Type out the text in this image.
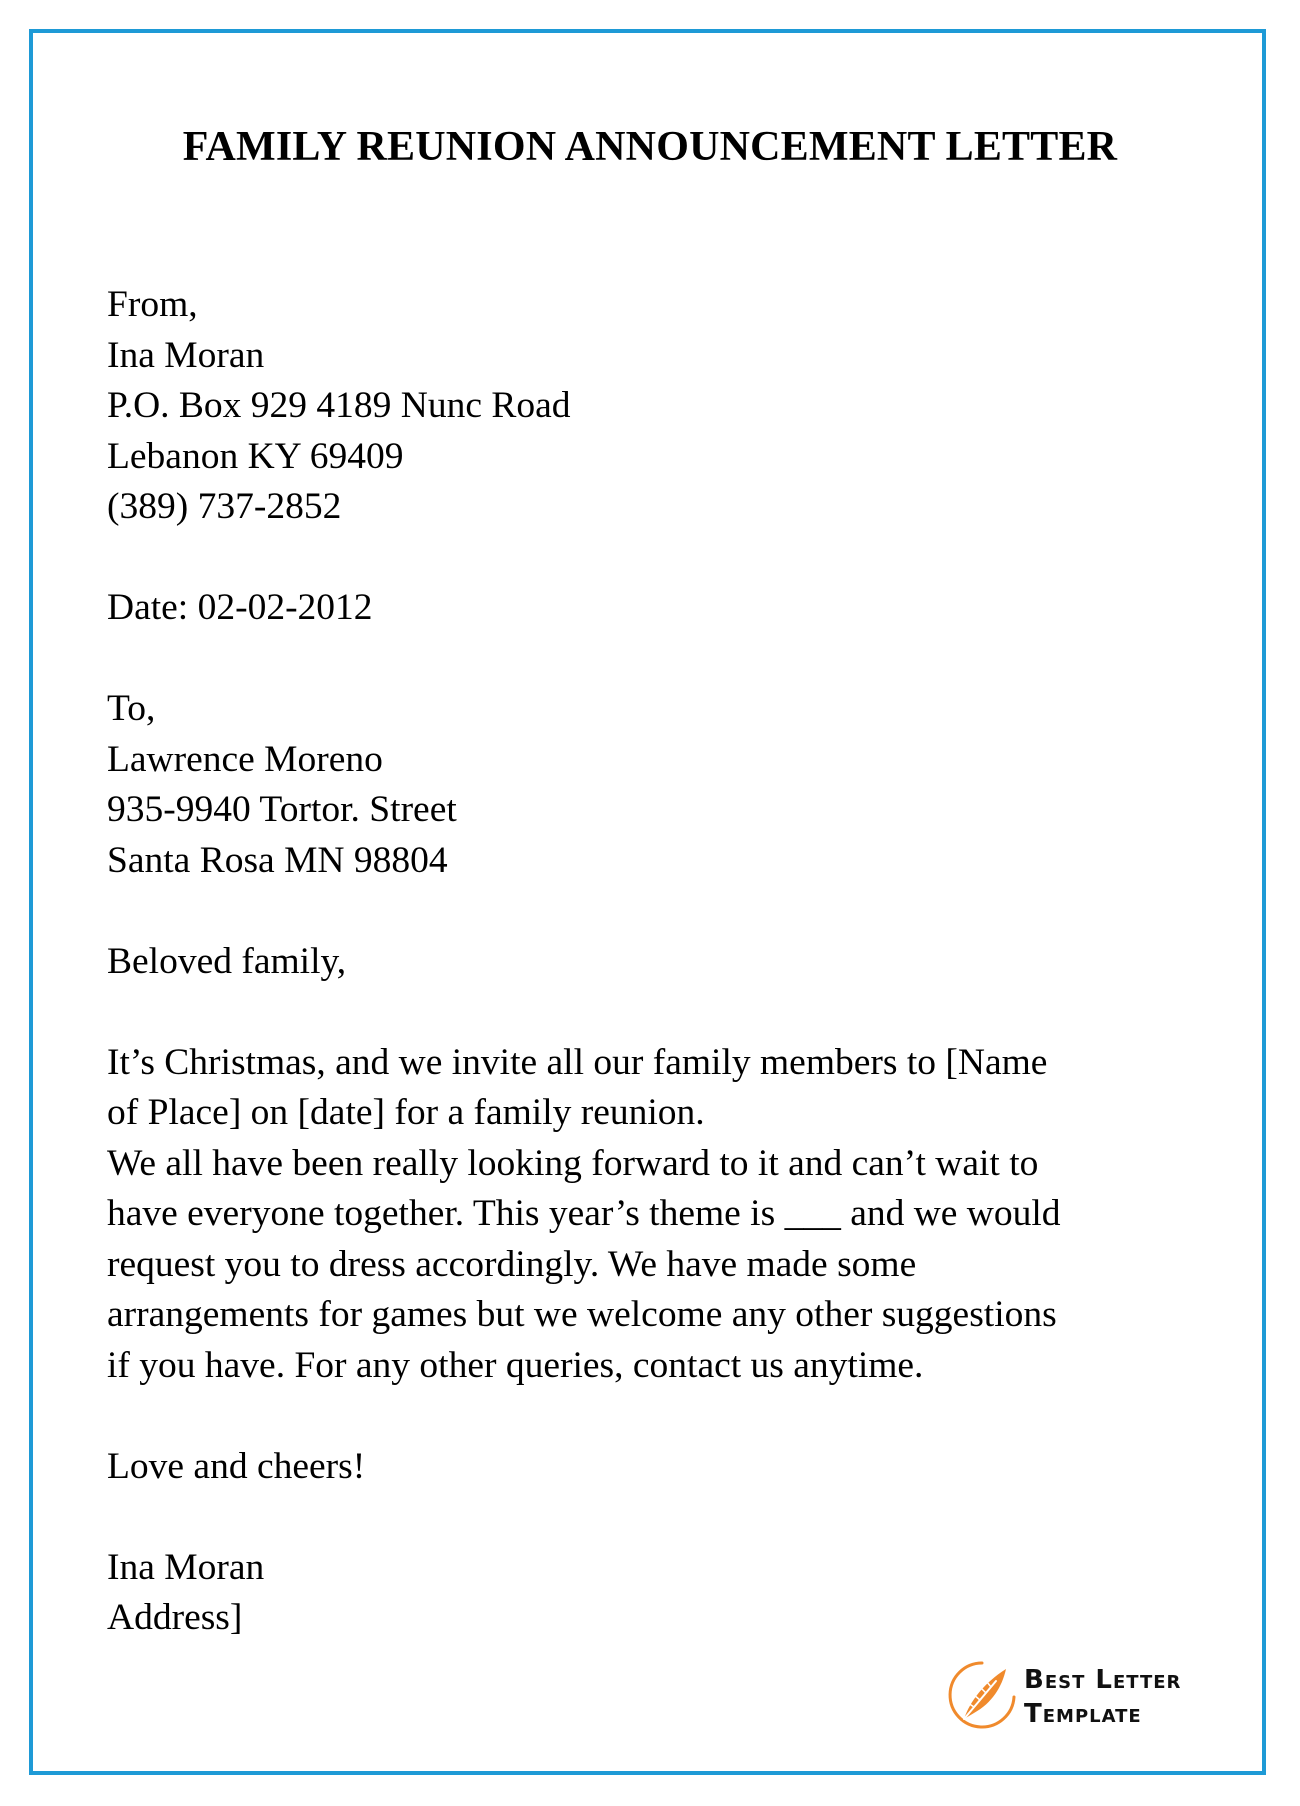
FAMILY REUNION ANNOUNCEMENT LETTER
From,
Ina Moran
P.O. Box 929 4189 Nunc Road
Lebanon KY 69409
(389) 737-2852
Date: 02-02-2012
To,
Lawrence Moreno
935-9940 Tortor. Street
Santa Rosa MN 98804
Beloved family,
It’s Christmas, and we invite all our family members to [Name
of Place] on [date] for a family reunion.
We all have been really looking forward to it and can’t wait to
have everyone together. This year’s theme is ___ and we would
request you to dress accordingly. We have made some
arrangements for games but we welcome any other suggestions
if you have. For any other queries, contact us anytime.
Love and cheers!
Ina Moran
Address]
Best Letter
Template
